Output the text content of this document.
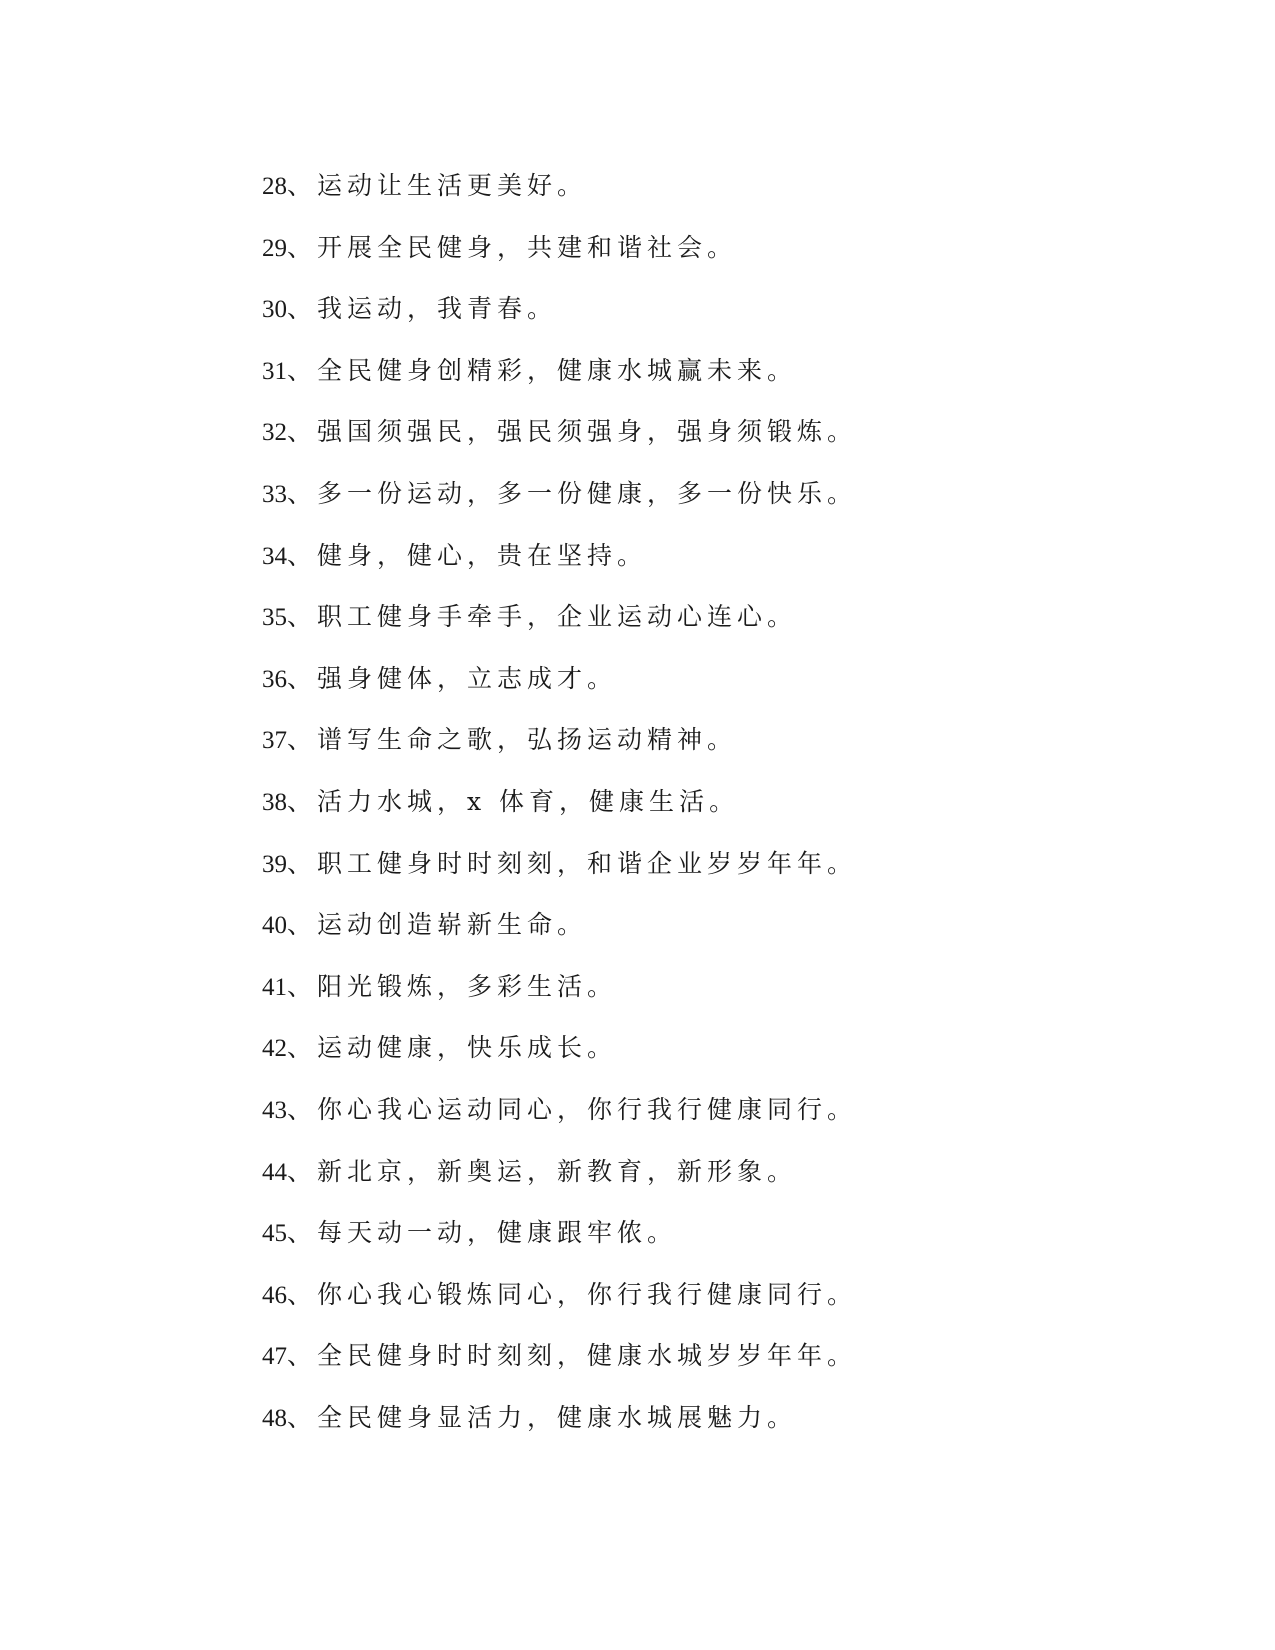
28、运动让生活更美好。
29、开展全民健身，共建和谐社会。
30、我运动，我青春。
31、全民健身创精彩，健康水城赢未来。
32、强国须强民，强民须强身，强身须锻炼。
33、多一份运动，多一份健康，多一份快乐。
34、健身，健心，贵在坚持。
35、职工健身手牵手，企业运动心连心。
36、强身健体，立志成才。
37、谱写生命之歌，弘扬运动精神。
38、活力水城，x 体育，健康生活。
39、职工健身时时刻刻，和谐企业岁岁年年。
40、运动创造崭新生命。
41、阳光锻炼，多彩生活。
42、运动健康，快乐成长。
43、你心我心运动同心，你行我行健康同行。
44、新北京，新奥运，新教育，新形象。
45、每天动一动，健康跟牢侬。
46、你心我心锻炼同心，你行我行健康同行。
47、全民健身时时刻刻，健康水城岁岁年年。
48、全民健身显活力，健康水城展魅力。
